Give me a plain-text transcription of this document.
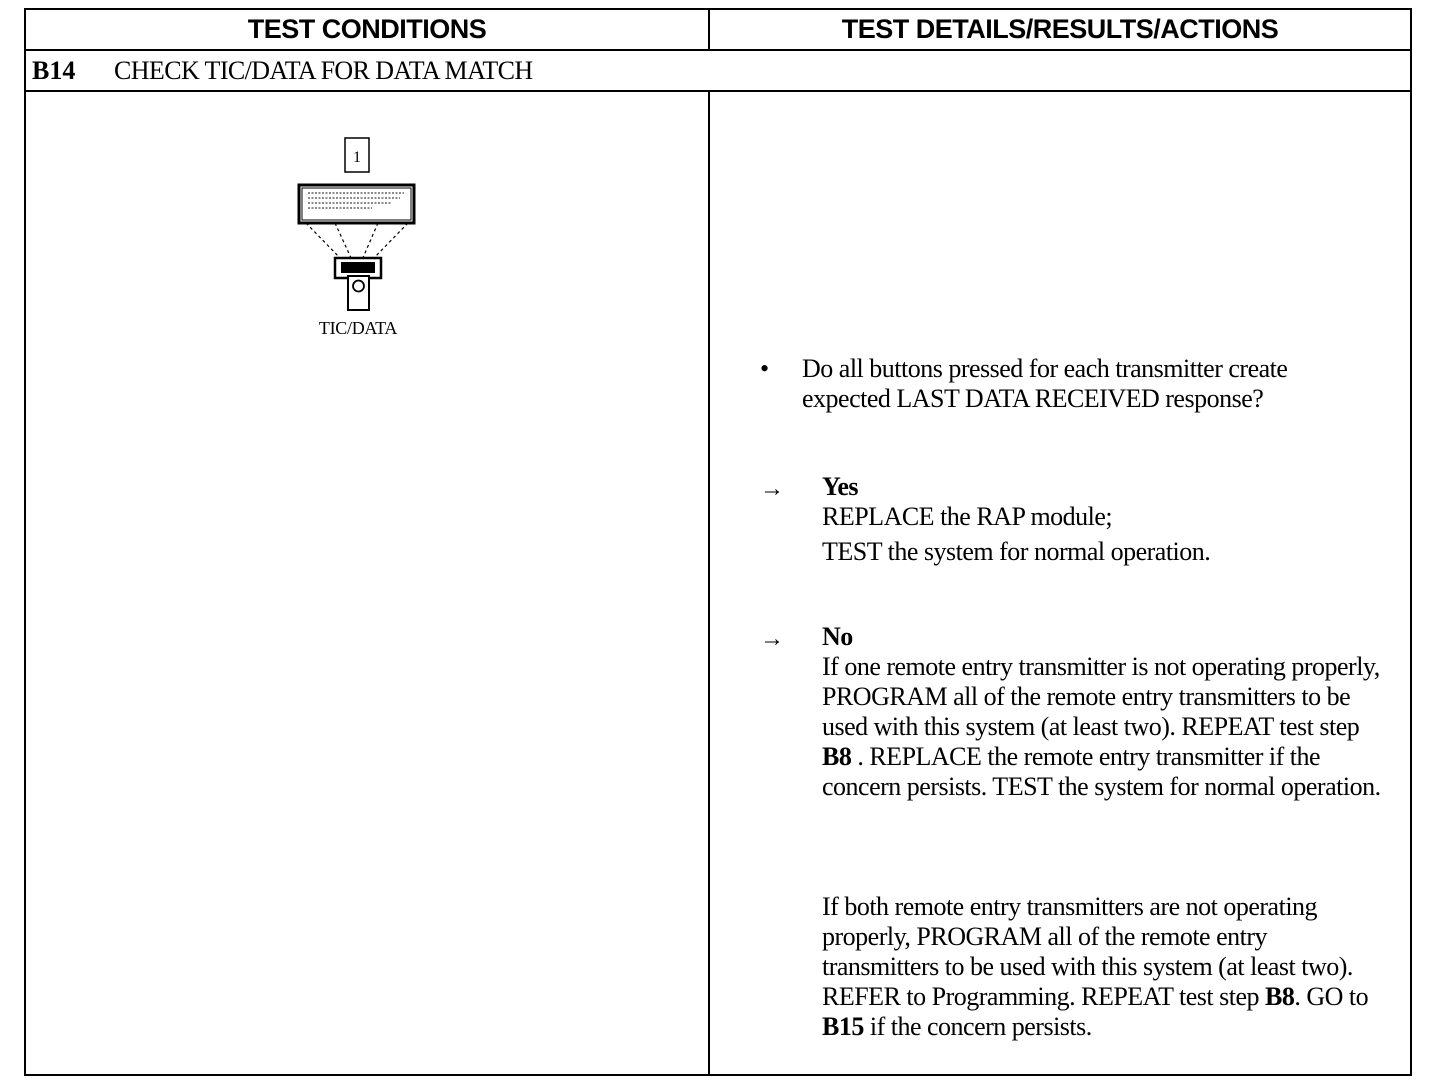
TEST CONDITIONS	TEST DETAILS/RESULTS/ACTIONS
B14 CHECK TIC/DATA FOR DATA MATCH
1
TIC/DATA
• Do all buttons pressed for each transmitter create expected LAST DATA RECEIVED response?
→ Yes
REPLACE the RAP module;
TEST the system for normal operation.
→ No
If one remote entry transmitter is not operating properly, PROGRAM all of the remote entry transmitters to be used with this system (at least two). REPEAT test step B8 . REPLACE the remote entry transmitter if the concern persists. TEST the system for normal operation.
If both remote entry transmitters are not operating properly, PROGRAM all of the remote entry transmitters to be used with this system (at least two). REFER to Programming. REPEAT test step B8. GO to B15 if the concern persists.
